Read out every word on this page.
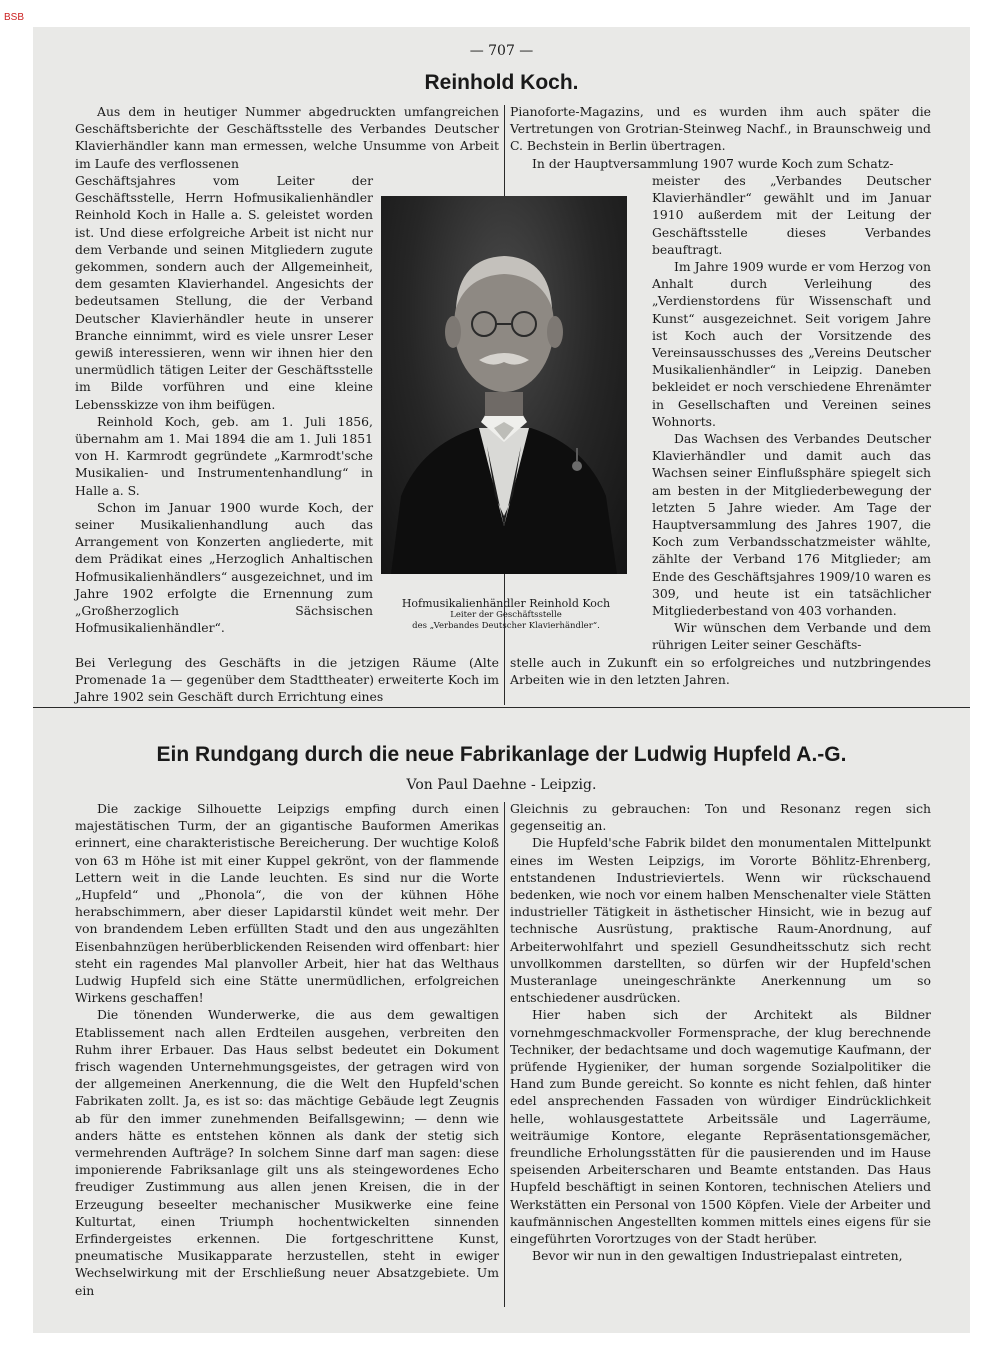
BSB
— 707 —
Reinhold Koch.

Aus dem in heutiger Nummer abgedruckten umfangreichen Geschäftsberichte der Geschäftsstelle des Verbandes Deutscher Klavierhändler kann man ermessen, welche Unsumme von Arbeit im Laufe des verflossenen

Geschäftsjahres vom Leiter der Geschäftsstelle, Herrn Hofmusikalienhändler Reinhold Koch in Halle a. S. geleistet worden ist. Und diese erfolgreiche Arbeit ist nicht nur dem Verbande und seinen Mitgliedern zugute gekommen, sondern auch der Allgemeinheit, dem gesamten Klavierhandel. Angesichts der bedeutsamen Stellung, die der Verband Deutscher Klavierhändler heute in unserer Branche einnimmt, wird es viele unsrer Leser gewiß interessieren, wenn wir ihnen hier den unermüdlich tätigen Leiter der Geschäftsstelle im Bilde vorführen und eine kleine Lebensskizze von ihm beifügen.

Reinhold Koch, geb. am 1. Juli 1856, übernahm am 1. Mai 1894 die am 1. Juli 1851 von H. Karmrodt gegründete „Karmrodt'sche Musikalien- und Instrumentenhandlung“ in Halle a. S.

Schon im Januar 1900 wurde Koch, der seiner Musikalienhandlung auch das Arrangement von Konzerten angliederte, mit dem Prädikat eines „Herzoglich Anhaltischen Hofmusikalienhändlers“ ausgezeichnet, und im Jahre 1902 erfolgte die Ernennung zum „Großherzoglich Sächsischen Hofmusikalienhändler“.

Bei Verlegung des Geschäfts in die jetzigen Räume (Alte Promenade 1a — gegenüber dem Stadttheater) erweiterte Koch im Jahre 1902 sein Geschäft durch Errichtung eines

Pianoforte-Magazins, und es wurden ihm auch später die Vertretungen von Grotrian-Steinweg Nachf., in Braunschweig und C. Bechstein in Berlin übertragen.

In der Hauptversammlung 1907 wurde Koch zum Schatz-

meister des „Verbandes Deutscher Klavierhändler“ gewählt und im Januar 1910 außerdem mit der Leitung der Geschäftsstelle dieses Verbandes beauftragt.

Im Jahre 1909 wurde er vom Herzog von Anhalt durch Verleihung des „Verdienstordens für Wissenschaft und Kunst“ ausgezeichnet. Seit vorigem Jahre ist Koch auch der Vorsitzende des Vereinsausschusses des „Vereins Deutscher Musikalienhändler“ in Leipzig. Daneben bekleidet er noch verschiedene Ehrenämter in Gesellschaften und Vereinen seines Wohnorts.

Das Wachsen des Verbandes Deutscher Klavierhändler und damit auch das Wachsen seiner Einflußsphäre spiegelt sich am besten in der Mitgliederbewegung der letzten 5 Jahre wieder. Am Tage der Hauptversammlung des Jahres 1907, die Koch zum Verbandsschatzmeister wählte, zählte der Verband 176 Mitglieder; am Ende des Geschäftsjahres 1909/10 waren es 309, und heute ist ein tatsächlicher Mitgliederbestand von 403 vorhanden.

Wir wünschen dem Verbande und dem rührigen Leiter seiner Geschäfts-

stelle auch in Zukunft ein so erfolgreiches und nutzbringendes Arbeiten wie in den letzten Jahren.

Hofmusikalienhändler Reinhold Koch
Leiter der Geschäftsstelle
des „Verbandes Deutscher Klavierhändler“.
Ein Rundgang durch die neue Fabrikanlage der Ludwig Hupfeld A.-G.
Von Paul Daehne - Leipzig.

Die zackige Silhouette Leipzigs empfing durch einen majestätischen Turm, der an gigantische Bauformen Amerikas erinnert, eine charakteristische Bereicherung. Der wuchtige Koloß von 63 m Höhe ist mit einer Kuppel gekrönt, von der flammende Lettern weit in die Lande leuchten. Es sind nur die Worte „Hupfeld“ und „Phonola“, die von der kühnen Höhe herabschimmern, aber dieser Lapidarstil kündet weit mehr. Der von brandendem Leben erfüllten Stadt und den aus ungezählten Eisenbahnzügen herüberblickenden Reisenden wird offenbart: hier steht ein ragendes Mal planvoller Arbeit, hier hat das Welthaus Ludwig Hupfeld sich eine Stätte unermüdlichen, erfolgreichen Wirkens geschaffen!

Die tönenden Wunderwerke, die aus dem gewaltigen Etablissement nach allen Erdteilen ausgehen, verbreiten den Ruhm ihrer Erbauer. Das Haus selbst bedeutet ein Dokument frisch wagenden Unternehmungsgeistes, der getragen wird von der allgemeinen Anerkennung, die die Welt den Hupfeld'schen Fabrikaten zollt. Ja, es ist so: das mächtige Gebäude legt Zeugnis ab für den immer zunehmenden Beifallsgewinn; — denn wie anders hätte es entstehen können als dank der stetig sich vermehrenden Aufträge? In solchem Sinne darf man sagen: diese imponierende Fabriksanlage gilt uns als steingewordenes Echo freudiger Zustimmung aus allen jenen Kreisen, die in der Erzeugung beseelter mechanischer Musikwerke eine feine Kulturtat, einen Triumph hochentwickelten sinnenden Erfindergeistes erkennen. Die fortgeschrittene Kunst, pneumatische Musikapparate herzustellen, steht in ewiger Wechselwirkung mit der Erschließung neuer Absatzgebiete. Um ein

Gleichnis zu gebrauchen: Ton und Resonanz regen sich gegenseitig an.

Die Hupfeld'sche Fabrik bildet den monumentalen Mittelpunkt eines im Westen Leipzigs, im Vororte Böhlitz-Ehrenberg, entstandenen Industrieviertels. Wenn wir rückschauend bedenken, wie noch vor einem halben Menschenalter viele Stätten industrieller Tätigkeit in ästhetischer Hinsicht, wie in bezug auf technische Ausrüstung, praktische Raum-Anordnung, auf Arbeiterwohlfahrt und speziell Gesundheitsschutz sich recht unvollkommen darstellten, so dürfen wir der Hupfeld'schen Musteranlage uneingeschränkte Anerkennung um so entschiedener ausdrücken.

Hier haben sich der Architekt als Bildner vornehmgeschmackvoller Formensprache, der klug berechnende Techniker, der bedachtsame und doch wagemutige Kaufmann, der prüfende Hygieniker, der human sorgende Sozialpolitiker die Hand zum Bunde gereicht. So konnte es nicht fehlen, daß hinter edel ansprechenden Fassaden von würdiger Eindrücklichkeit helle, wohlausgestattete Arbeitssäle und Lagerräume, weiträumige Kontore, elegante Repräsentationsgemächer, freundliche Erholungsstätten für die pausierenden und im Hause speisenden Arbeiterscharen und Beamte entstanden. Das Haus Hupfeld beschäftigt in seinen Kontoren, technischen Ateliers und Werkstätten ein Personal von 1500 Köpfen. Viele der Arbeiter und kaufmännischen Angestellten kommen mittels eines eigens für sie eingeführten Vorortzuges von der Stadt herüber.

Bevor wir nun in den gewaltigen Industriepalast eintreten,
